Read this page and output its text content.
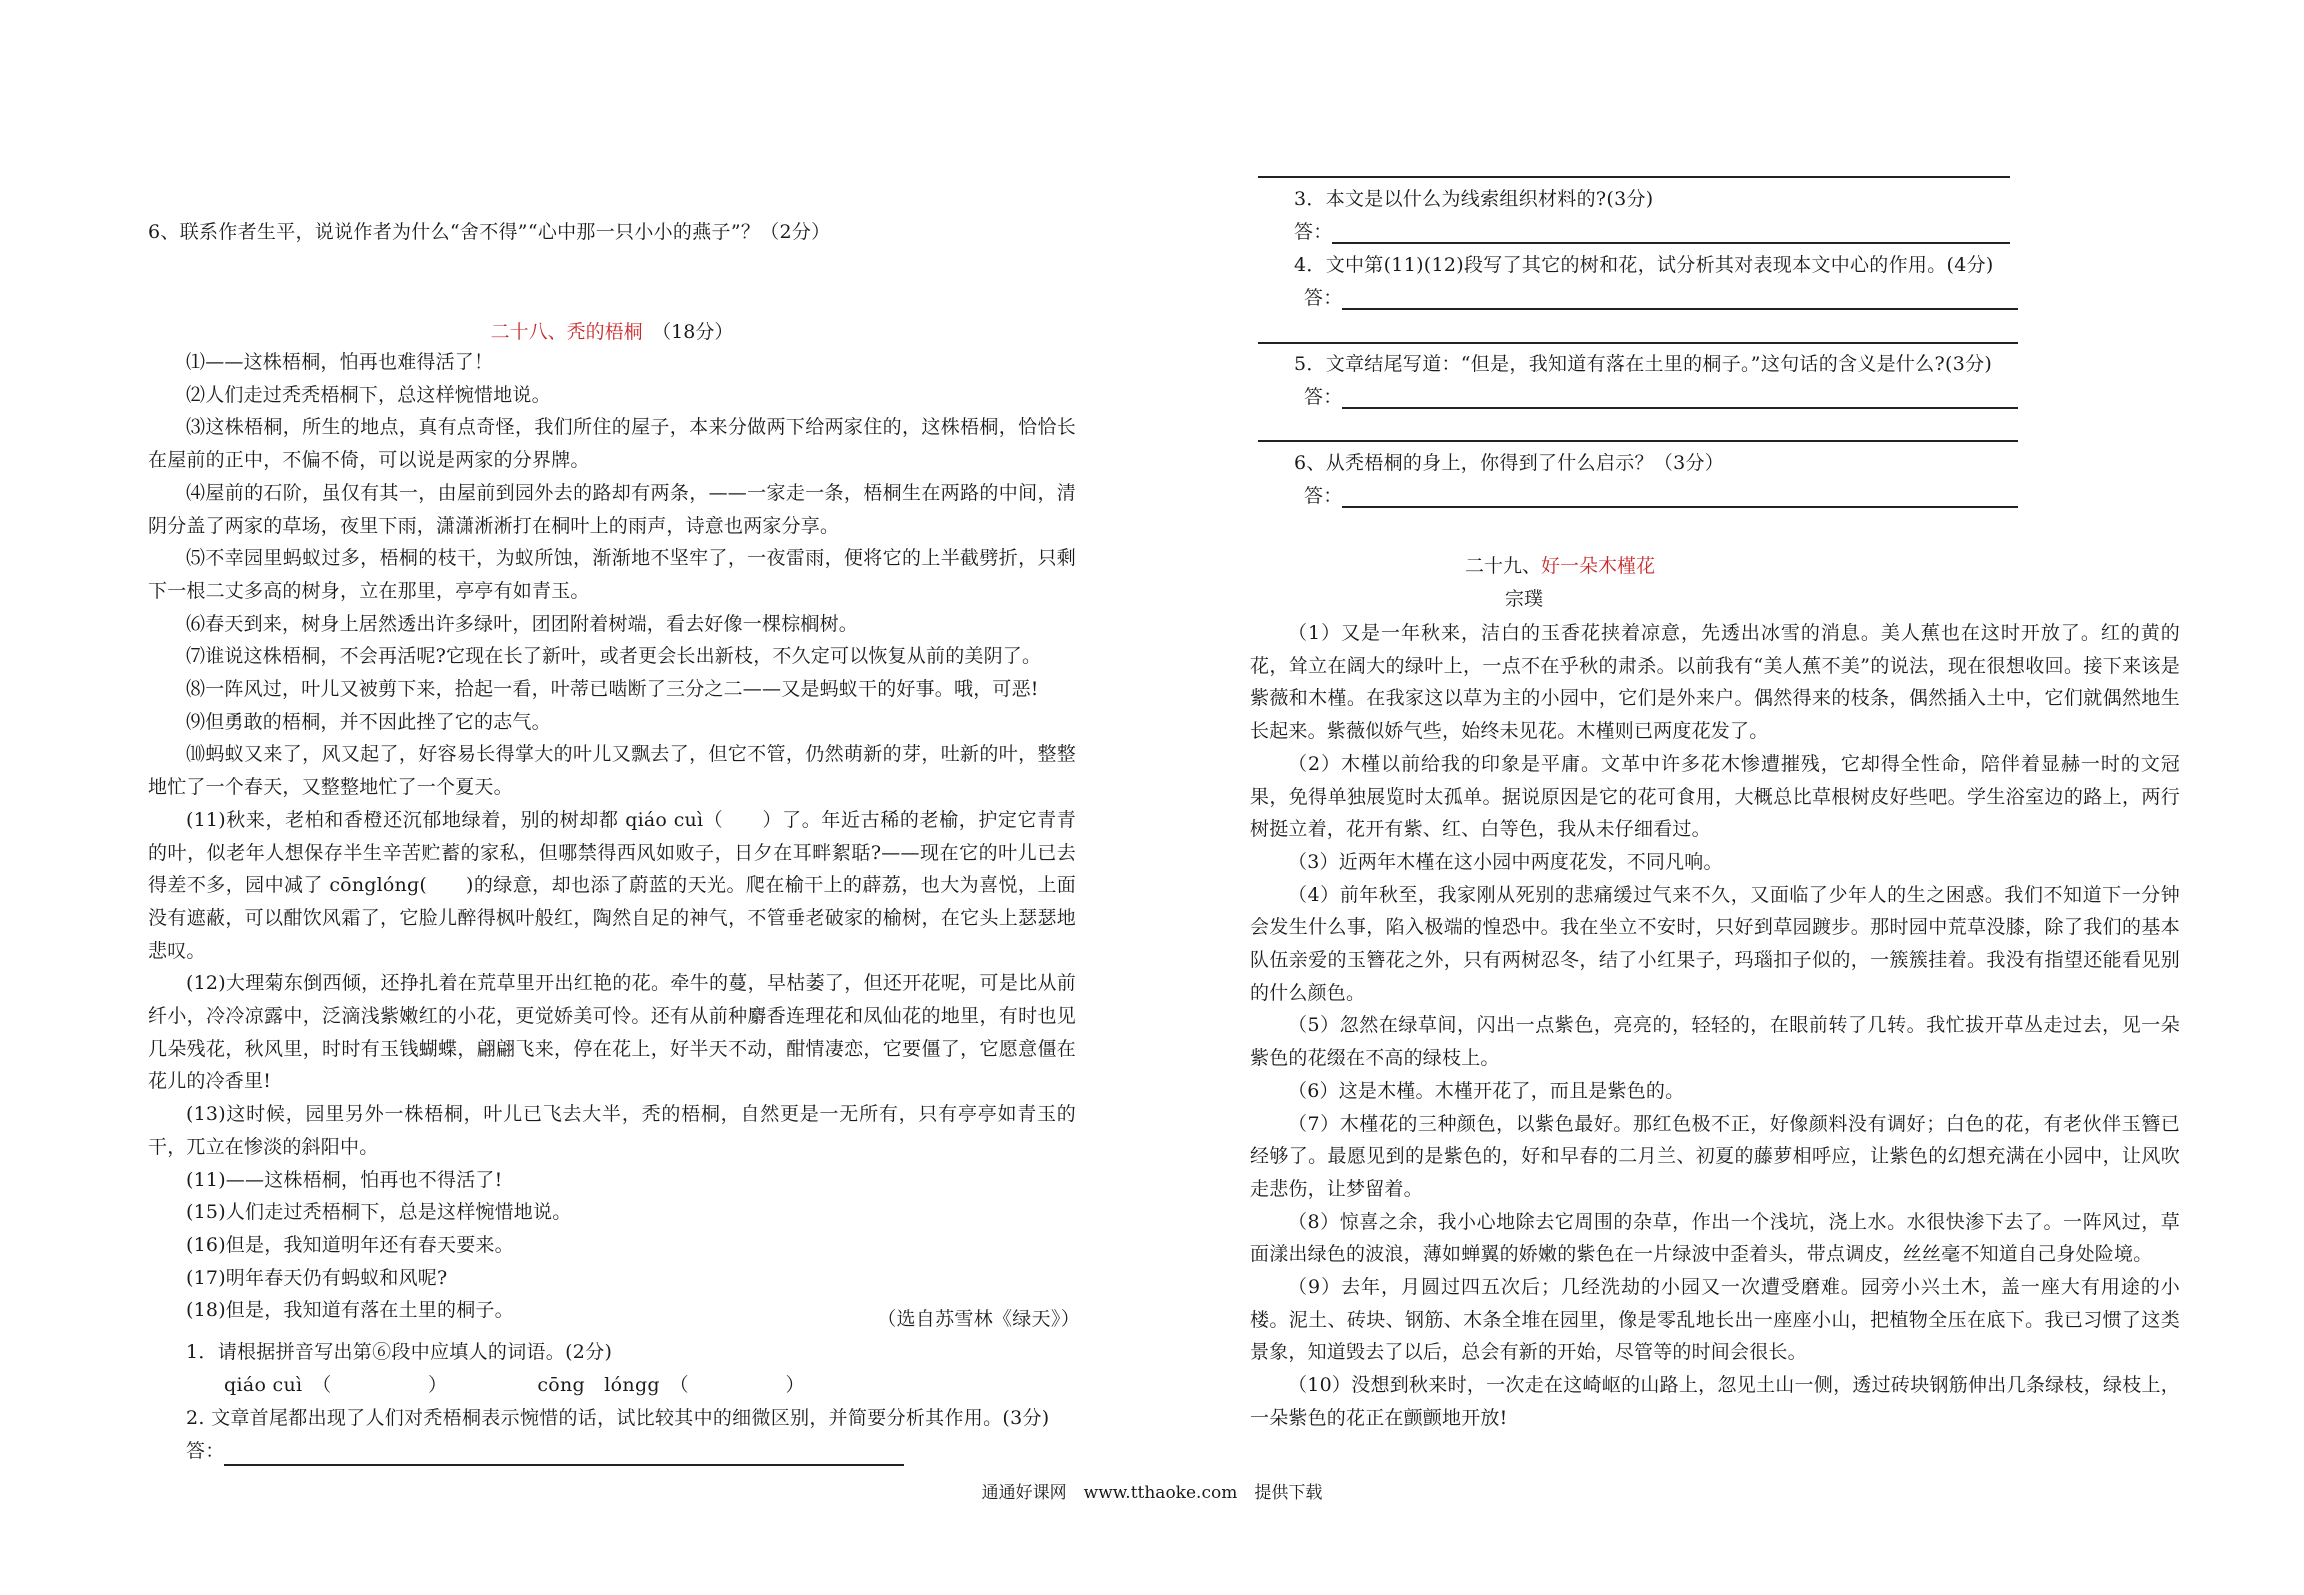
6、联系作者生平，说说作者为什么“舍不得”“心中那一只小小的燕子”？（2分）
二十八、秃的梧桐　 （18分）

⑴——这株梧桐，怕再也难得活了！

⑵人们走过秃秃梧桐下，总这样惋惜地说。

⑶这株梧桐，所生的地点，真有点奇怪，我们所住的屋子，本来分做两下给两家住的，这株梧桐，恰恰长在屋前的正中，不偏不倚，可以说是两家的分界牌。

⑷屋前的石阶，虽仅有其一，由屋前到园外去的路却有两条，——一家走一条，梧桐生在两路的中间，清阴分盖了两家的草场，夜里下雨，潇潇淅淅打在桐叶上的雨声，诗意也两家分享。

⑸不幸园里蚂蚁过多，梧桐的枝干，为蚁所蚀，渐渐地不坚牢了，一夜雷雨，便将它的上半截劈折，只剩下一根二丈多高的树身，立在那里，亭亭有如青玉。

⑹春天到来，树身上居然透出许多绿叶，团团附着树端，看去好像一棵棕榈树。

⑺谁说这株梧桐，不会再活呢?它现在长了新叶，或者更会长出新枝，不久定可以恢复从前的美阴了。

⑻一阵风过，叶儿又被剪下来，拾起一看，叶蒂已啮断了三分之二——又是蚂蚁干的好事。哦，可恶!

⑼但勇敢的梧桐，并不因此挫了它的志气。

⑽蚂蚁又来了，风又起了，好容易长得掌大的叶儿又飘去了，但它不管，仍然萌新的芽，吐新的叶，整整地忙了一个春天，又整整地忙了一个夏天。

(11)秋来，老柏和香橙还沉郁地绿着，别的树却都 qiáo cuì（　　）了。年近古稀的老榆，护定它青青的叶，似老年人想保存半生辛苦贮蓄的家私，但哪禁得西风如败子，日夕在耳畔絮聒?——现在它的叶儿已去得差不多，园中减了 cōnglónɡ(　　)的绿意，却也添了蔚蓝的天光。爬在榆干上的薜荔，也大为喜悦，上面没有遮蔽，可以酣饮风霜了，它脸儿醉得枫叶般红，陶然自足的神气，不管垂老破家的榆树，在它头上瑟瑟地悲叹。

(12)大理菊东倒西倾，还挣扎着在荒草里开出红艳的花。牵牛的蔓，早枯萎了，但还开花呢，可是比从前纤小，冷冷凉露中，泛滴浅紫嫩红的小花，更觉娇美可怜。还有从前种麝香连理花和凤仙花的地里，有时也见几朵残花，秋风里，时时有玉钱蝴蝶，翩翩飞来，停在花上，好半天不动，酣情凄恋，它要僵了，它愿意僵在花儿的冷香里!

(13)这时候，园里另外一株梧桐，叶儿已飞去大半，秃的梧桐，自然更是一无所有，只有亭亭如青玉的干，兀立在惨淡的斜阳中。

(11)——这株梧桐，怕再也不得活了!

(15)人们走过秃梧桐下，总是这样惋惜地说。

(16)但是，我知道明年还有春天要来。

(17)明年春天仍有蚂蚁和风呢?

(18)但是，我知道有落在土里的桐子。	（选自苏雪林《绿天》）
1．请根据拼音写出第⑥段中应填人的词语。(2分)
qiáo cuì　（　　　　　）	cōng　lóngg　（　　　　　）
2. 文章首尾都出现了人们对秃梧桐表示惋惜的话，试比较其中的细微区别，并简要分析其作用。(3分)
答：
3．本文是以什么为线索组织材料的?(3分)
答：
4．文中第(11)(12)段写了其它的树和花，试分析其对表现本文中心的作用。(4分)
答：
5．文章结尾写道：“但是，我知道有落在土里的桐子。”这句话的含义是什么?(3分)
答：
6、从秃梧桐的身上，你得到了什么启示？（3分）
答：
二十九、好一朵木槿花
宗璞

（1）又是一年秋来，洁白的玉香花挟着凉意，先透出冰雪的消息。美人蕉也在这时开放了。红的黄的花，耸立在阔大的绿叶上，一点不在乎秋的肃杀。以前我有“美人蕉不美”的说法，现在很想收回。接下来该是紫薇和木槿。在我家这以草为主的小园中，它们是外来户。偶然得来的枝条，偶然插入土中，它们就偶然地生长起来。紫薇似娇气些，始终未见花。木槿则已两度花发了。

（2）木槿以前给我的印象是平庸。文革中许多花木惨遭摧残，它却得全性命，陪伴着显赫一时的文冠果，免得单独展览时太孤单。据说原因是它的花可食用，大概总比草根树皮好些吧。学生浴室边的路上，两行树挺立着，花开有紫、红、白等色，我从未仔细看过。

（3）近两年木槿在这小园中两度花发，不同凡响。

（4）前年秋至，我家刚从死别的悲痛缓过气来不久，又面临了少年人的生之困惑。我们不知道下一分钟会发生什么事，陷入极端的惶恐中。我在坐立不安时，只好到草园踱步。那时园中荒草没膝，除了我们的基本队伍亲爱的玉簪花之外，只有两树忍冬，结了小红果子，玛瑙扣子似的，一簇簇挂着。我没有指望还能看见别的什么颜色。

（5）忽然在绿草间，闪出一点紫色，亮亮的，轻轻的，在眼前转了几转。我忙拔开草丛走过去，见一朵紫色的花缀在不高的绿枝上。

（6）这是木槿。木槿开花了，而且是紫色的。

（7）木槿花的三种颜色，以紫色最好。那红色极不正，好像颜料没有调好；白色的花，有老伙伴玉簪已经够了。最愿见到的是紫色的，好和早春的二月兰、初夏的藤萝相呼应，让紫色的幻想充满在小园中，让风吹走悲伤，让梦留着。

（8）惊喜之余，我小心地除去它周围的杂草，作出一个浅坑，浇上水。水很快渗下去了。一阵风过，草面漾出绿色的波浪，薄如蝉翼的娇嫩的紫色在一片绿波中歪着头，带点调皮，丝丝毫不知道自己身处险境。

（9）去年，月圆过四五次后；几经洗劫的小园又一次遭受磨难。园旁小兴土木，盖一座大有用途的小楼。泥土、砖块、钢筋、木条全堆在园里，像是零乱地长出一座座小山，把植物全压在底下。我已习惯了这类景象，知道毁去了以后，总会有新的开始，尽管等的时间会很长。

（10）没想到秋来时，一次走在这崎岖的山路上，忽见土山一侧，透过砖块钢筋伸出几条绿枝，绿枝上，一朵紫色的花正在颤颤地开放!

通通好课网　www.tthaoke.com　提供下载
